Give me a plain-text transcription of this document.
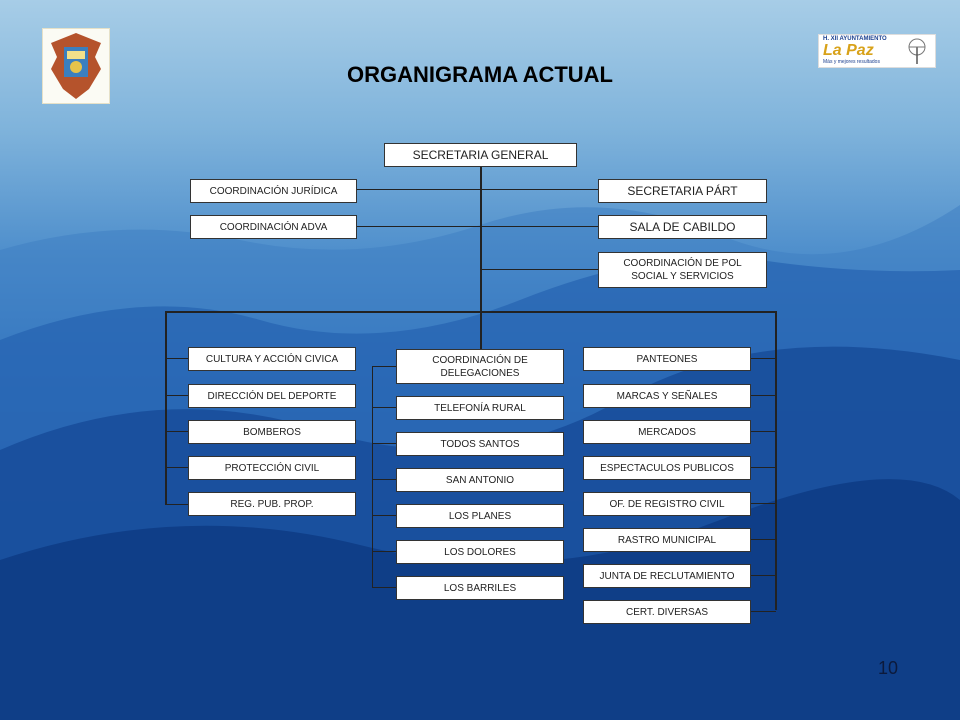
H. XII AYUNTAMIENTO
La Paz
Más y mejores resultados
ORGANIGRAMA ACTUAL
SECRETARIA GENERAL
COORDINACIÓN JURÍDICA
COORDINACIÓN ADVA
SECRETARIA PÁRT
SALA DE CABILDO
COORDINACIÓN DE POL SOCIAL Y SERVICIOS
CULTURA Y ACCIÓN CIVICA
DIRECCIÓN DEL DEPORTE
BOMBEROS
PROTECCIÓN CIVIL
REG. PUB. PROP.
COORDINACIÓN DE DELEGACIONES
TELEFONÍA RURAL
TODOS SANTOS
SAN ANTONIO
LOS PLANES
LOS DOLORES
LOS BARRILES
PANTEONES
MARCAS Y SEÑALES
MERCADOS
ESPECTACULOS PUBLICOS
OF. DE REGISTRO CIVIL
RASTRO MUNICIPAL
JUNTA DE RECLUTAMIENTO
CERT. DIVERSAS
10
